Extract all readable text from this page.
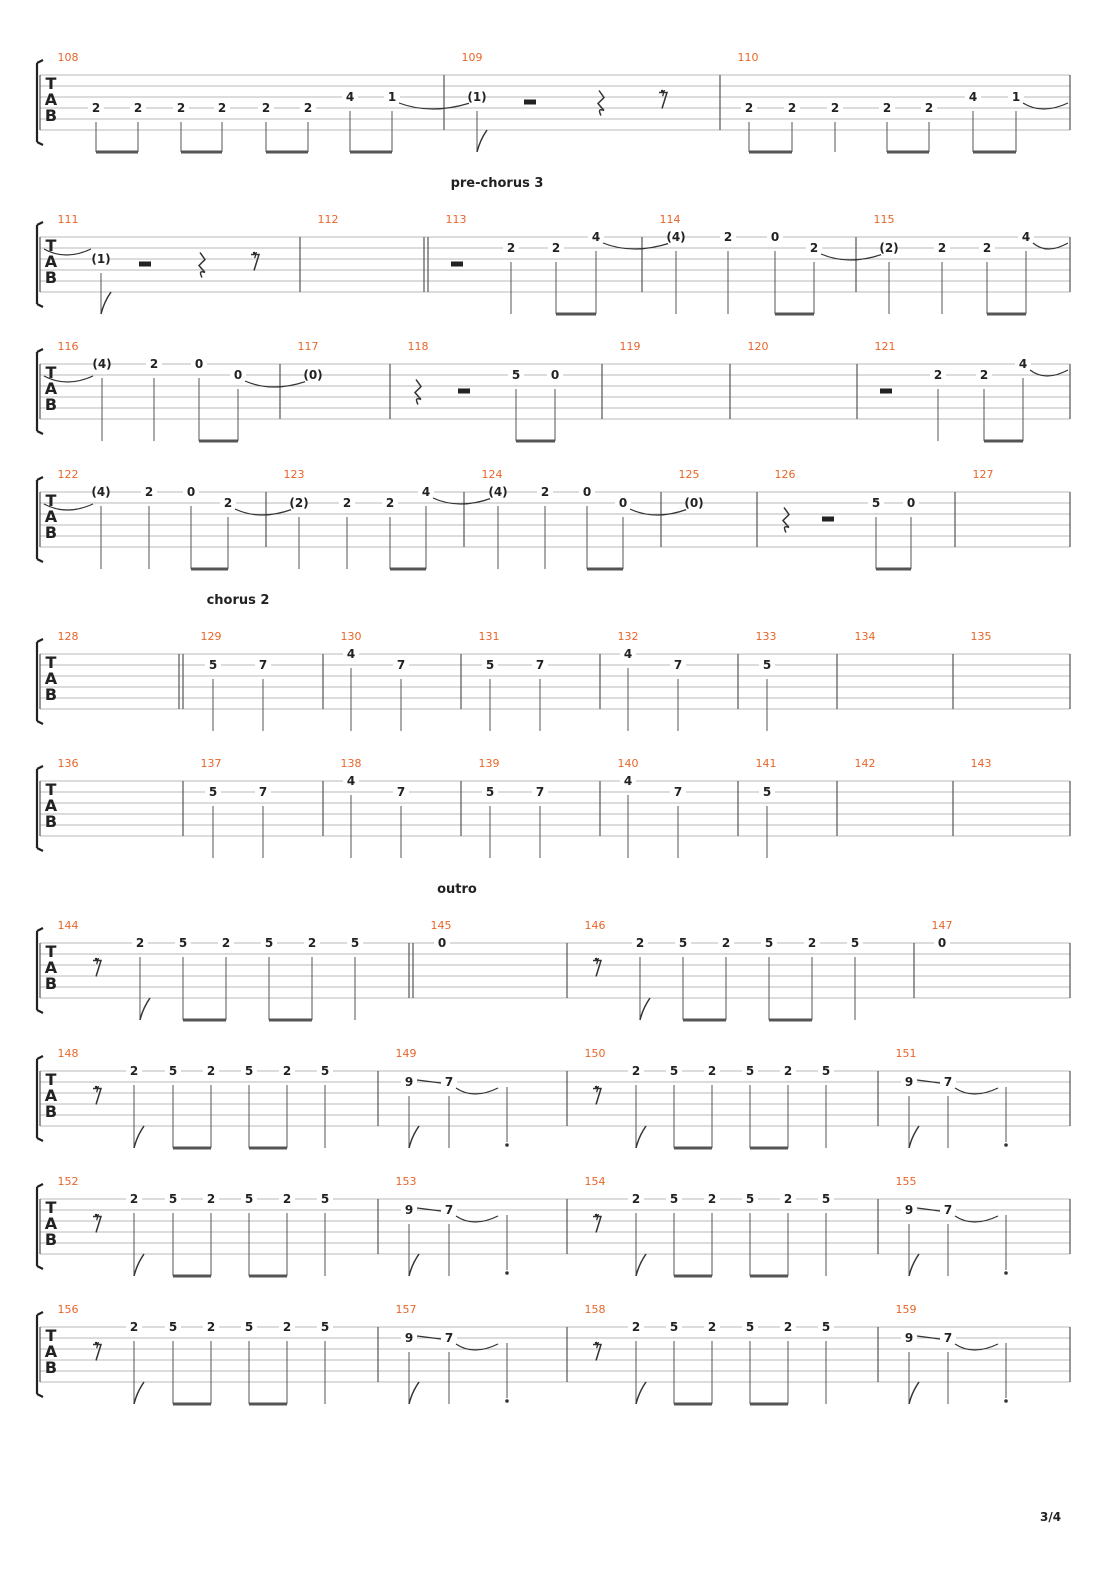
T
A
B
108
2	2	2	2	2	2
4	1
109
(1)	𝄾
110
2	2	2	2	2
4	1
T
A
B
pre-chorus 3
111
(1)	𝄾
112	113
2	2
4
114
(4)	2	0
2
115
(2)	2	2
4
T
A
B
116
(4)	2	0
0
117
(0)
118
5	0
119	120	121
2	2
4
T
A
B
122
(4)	2	0
2
123
(2)	2	2
4
124
(4)	2	0
0
125
(0)
126
5 0
127
T
A
B
chorus 2
128	129
5	7
130
4
7
131
5	7
132
4
7
133
5
134	135
T
A
B
136	137
5	7
138
4
7
139
5	7
140
4
7
141
5
142	143
T
A
B
outro
144
𝄾
2	5	2	5	2	5
145
0
146
𝄾
2	5	2	5	2	5
147
0
T
A
B
148
𝄾
2	5 2 5 2 5
149
9	7
150
𝄾
2 5 2 5 2 5
151
9	7
T
A
B
152
𝄾
2	5 2 5 2 5
153
9	7
154
𝄾
2 5 2 5 2 5
155
9	7
T
A
B
156
𝄾
2	5 2 5 2 5
157
9	7
158
𝄾
2 5 2 5 2 5
159
9	7
3/4
